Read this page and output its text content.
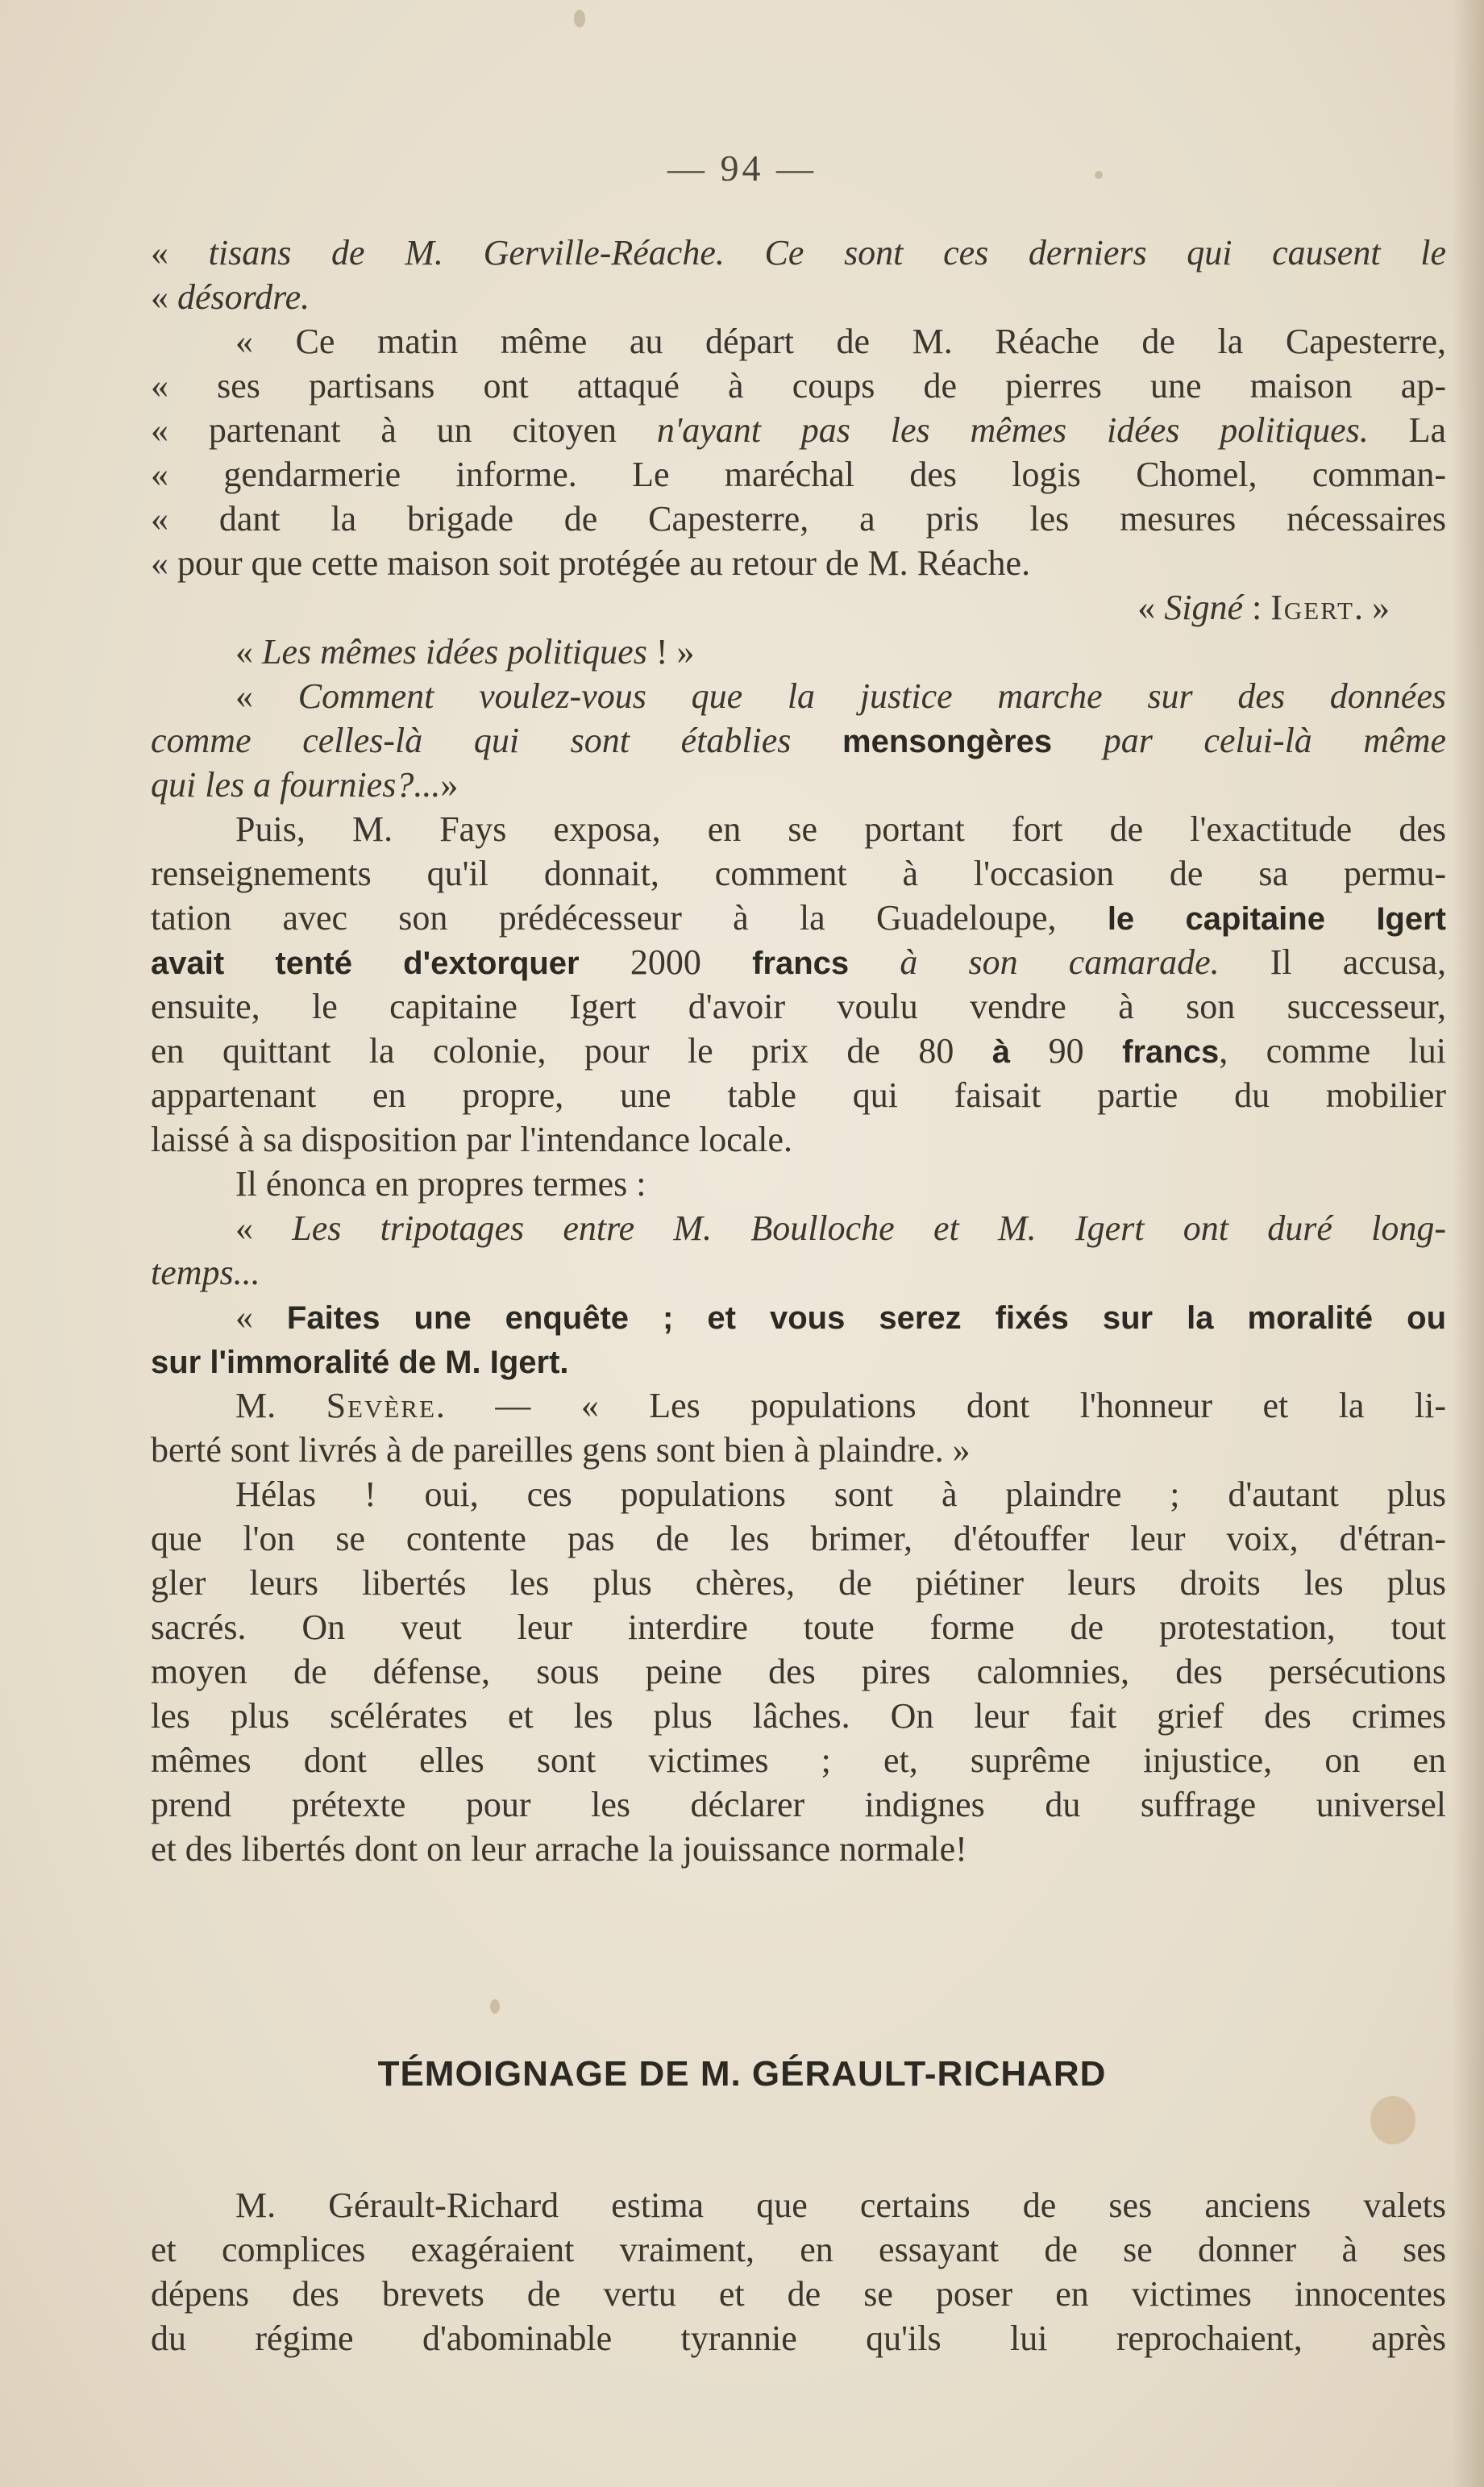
— 94 —
« tisans de M. Gerville-Réache. Ce sont ces derniers qui causent le
« désordre.
« Ce matin même au départ de M. Réache de la Capesterre,
« ses partisans ont attaqué à coups de pierres une maison ap-
« partenant à un citoyen n'ayant pas les mêmes idées politiques. La
« gendarmerie informe. Le maréchal des logis Chomel, comman-
« dant la brigade de Capesterre, a pris les mesures nécessaires
« pour que cette maison soit protégée au retour de M. Réache.
« Signé : Igert. »
« Les mêmes idées politiques ! »
« Comment voulez-vous que la justice marche sur des données
comme celles-là qui sont établies mensongères par celui-là même
qui les a fournies?...»
Puis, M. Fays exposa, en se portant fort de l'exactitude des
renseignements qu'il donnait, comment à l'occasion de sa permu-
tation avec son prédécesseur à la Guadeloupe, le capitaine Igert
avait tenté d'extorquer 2000 francs à son camarade. Il accusa,
ensuite, le capitaine Igert d'avoir voulu vendre à son successeur,
en quittant la colonie, pour le prix de 80 à 90 francs, comme lui
appartenant en propre, une table qui faisait partie du mobilier
laissé à sa disposition par l'intendance locale.
Il énonca en propres termes :
« Les tripotages entre M. Boulloche et M. Igert ont duré long-
temps...
« Faites une enquête ; et vous serez fixés sur la moralité ou
sur l'immoralité de M. Igert.
M. Sevère. — « Les populations dont l'honneur et la li-
berté sont livrés à de pareilles gens sont bien à plaindre. »
Hélas ! oui, ces populations sont à plaindre ; d'autant plus
que l'on se contente pas de les brimer, d'étouffer leur voix, d'étran-
gler leurs libertés les plus chères, de piétiner leurs droits les plus
sacrés. On veut leur interdire toute forme de protestation, tout
moyen de défense, sous peine des pires calomnies, des persécutions
les plus scélérates et les plus lâches. On leur fait grief des crimes
mêmes dont elles sont victimes ; et, suprême injustice, on en
prend prétexte pour les déclarer indignes du suffrage universel
et des libertés dont on leur arrache la jouissance normale!
TÉMOIGNAGE DE M. GÉRAULT-RICHARD
M. Gérault-Richard estima que certains de ses anciens valets
et complices exagéraient vraiment, en essayant de se donner à ses
dépens des brevets de vertu et de se poser en victimes innocentes
du régime d'abominable tyrannie qu'ils lui reprochaient, après
